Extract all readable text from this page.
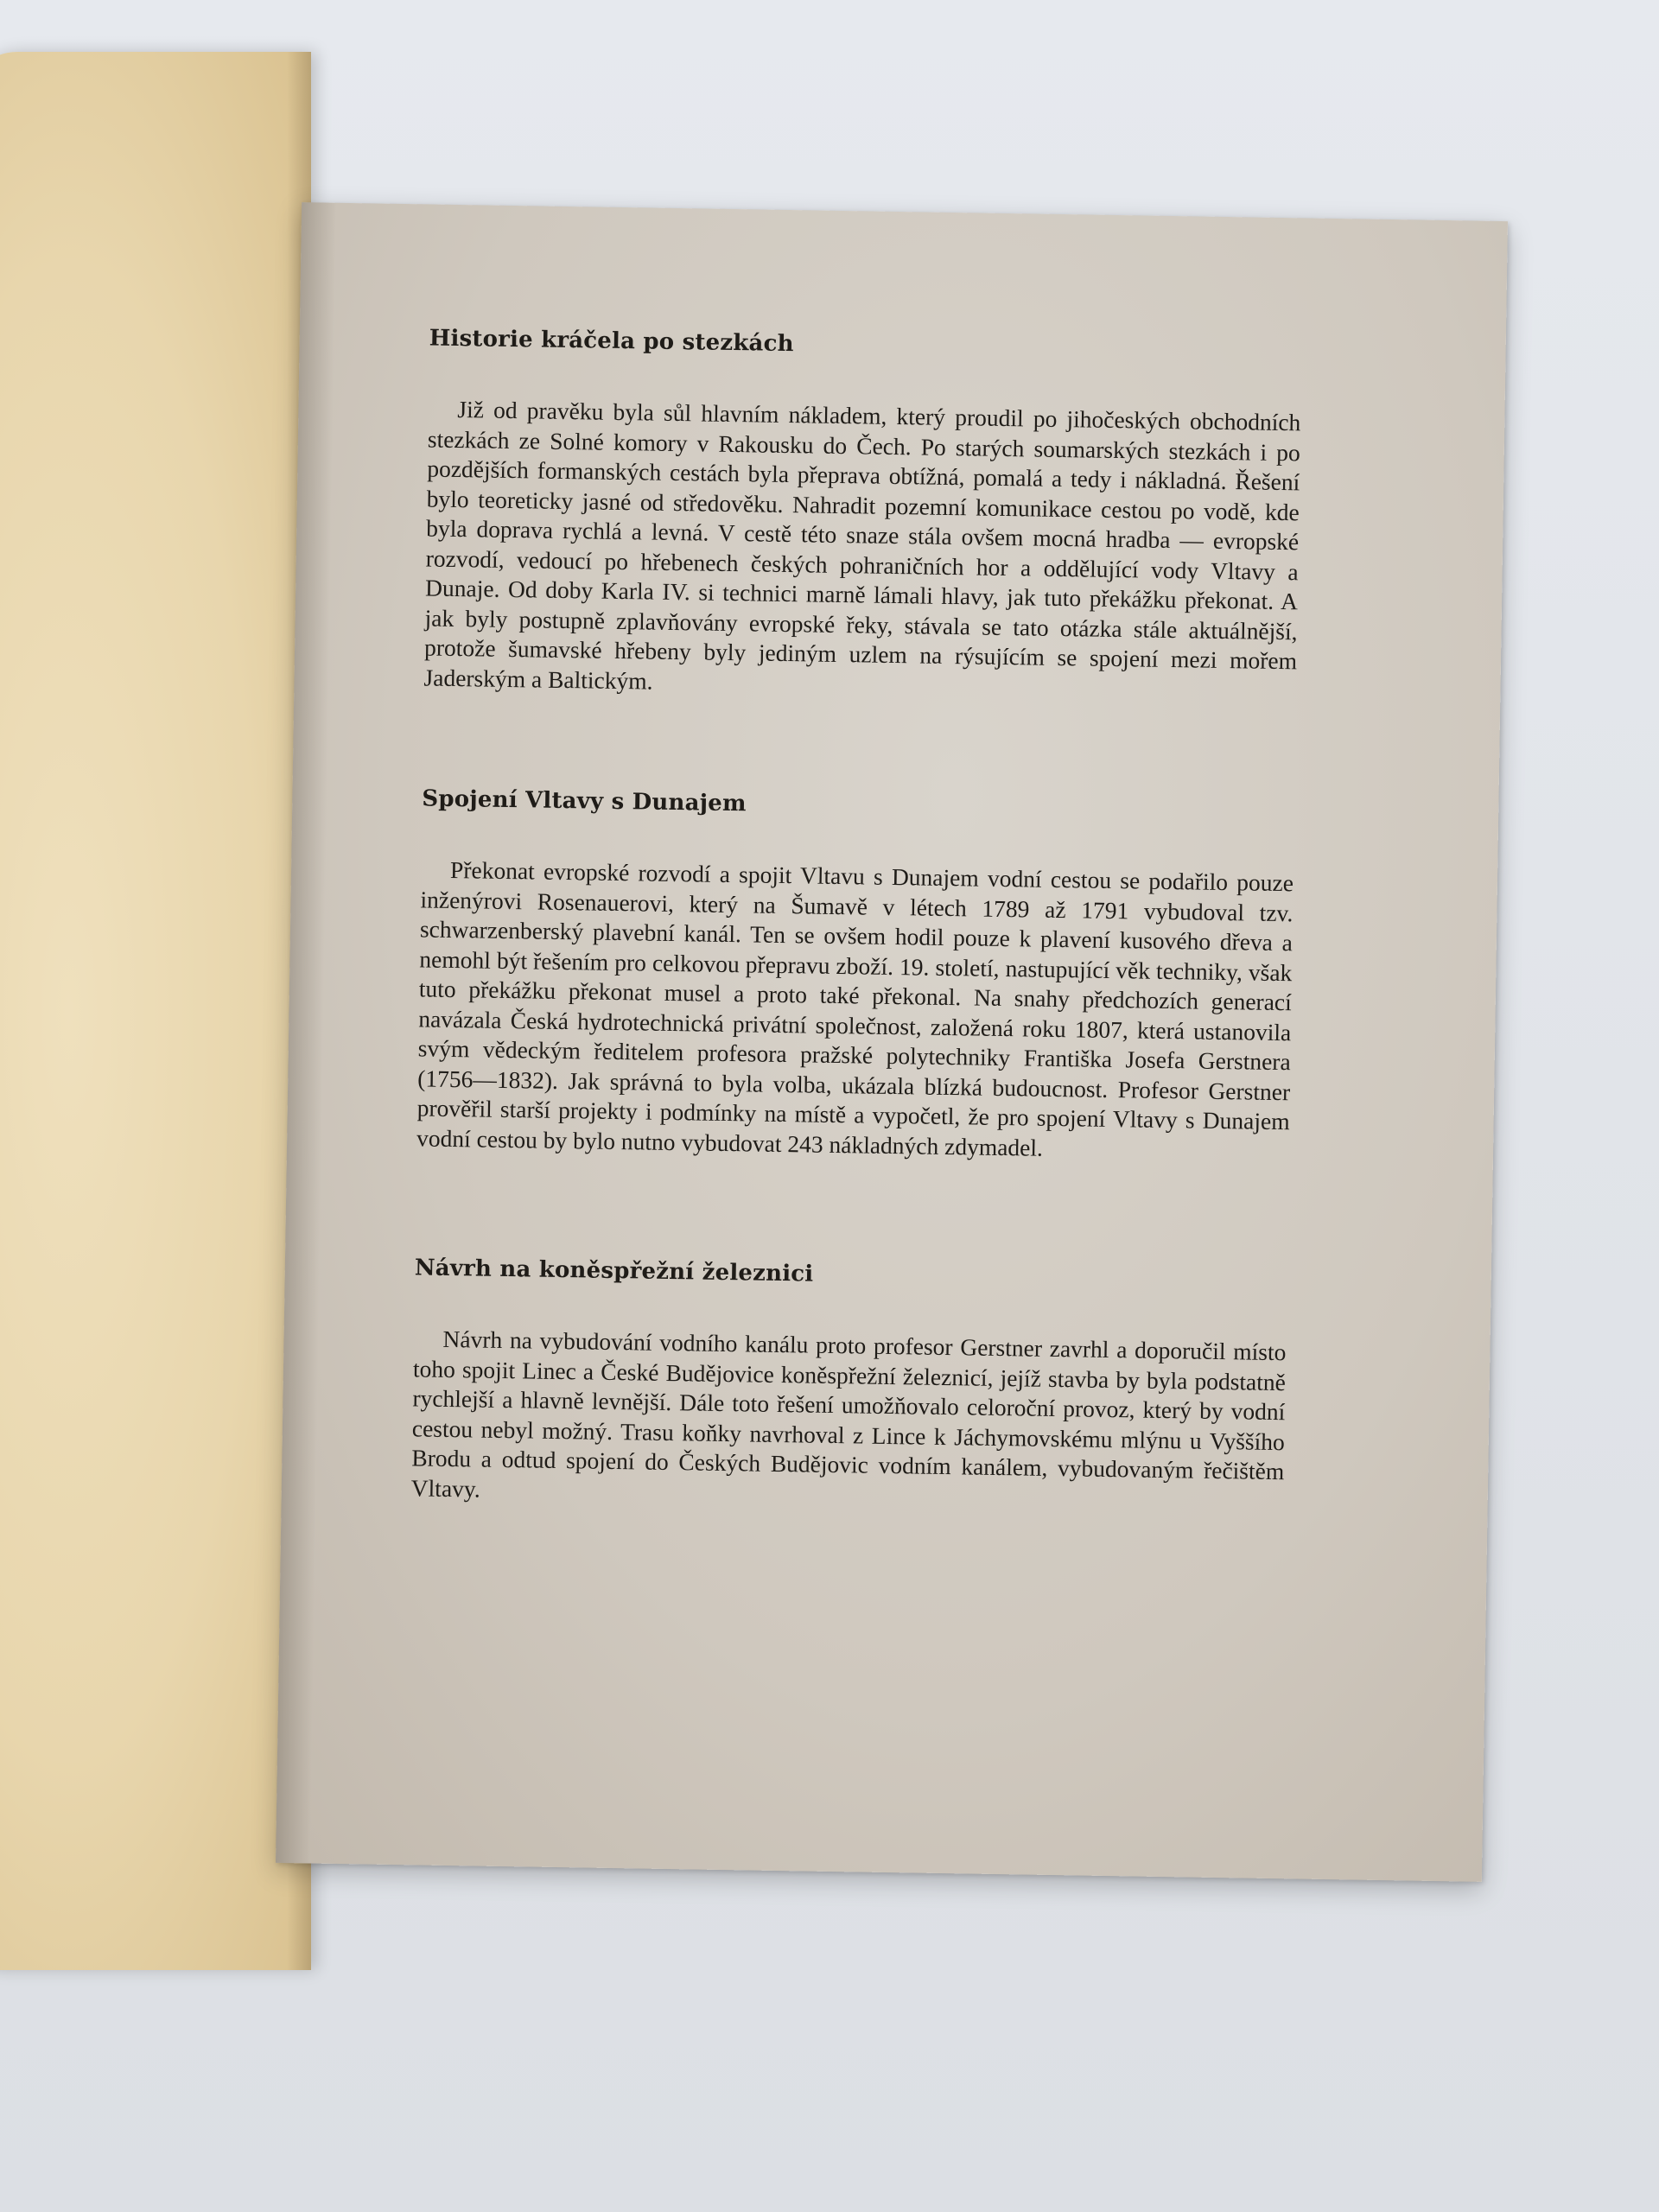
Historie kráčela po stezkách

Již od pravěku byla sůl hlavním nákladem, který proudil po jihočeských obchodních stezkách ze Solné komory v Rakousku do Čech. Po starých soumarských stezkách i po pozdějších formanských cestách byla přeprava obtížná, pomalá a tedy i nákladná. Řešení bylo teoreticky jasné od středověku. Nahradit pozemní komunikace cestou po vodě, kde byla doprava rychlá a levná. V cestě této snaze stála ovšem mocná hradba — evropské rozvodí, vedoucí po hřebenech českých pohraničních hor a oddělující vody Vltavy a Dunaje. Od doby Karla IV. si technici marně lámali hlavy, jak tuto překážku překonat. A jak byly postupně zplavňovány evropské řeky, stávala se tato otázka stále aktuálnější, protože šumavské hřebeny byly jediným uzlem na rýsujícím se spojení mezi mořem Jaderským a Baltickým.

Spojení Vltavy s Dunajem

Překonat evropské rozvodí a spojit Vltavu s Dunajem vodní cestou se podařilo pouze inženýrovi Rosenauerovi, který na Šumavě v létech 1789 až 1791 vybudoval tzv. schwarzenberský plavební kanál. Ten se ovšem hodil pouze k plavení kusového dřeva a nemohl být řešením pro celkovou přepravu zboží. 19. století, nastupující věk techniky, však tuto překážku překonat musel a proto také překonal. Na snahy předchozích generací navázala Česká hydrotechnická privátní společnost, založená roku 1807, která ustanovila svým vědeckým ředitelem profesora pražské polytechniky Františka Josefa Gerstnera (1756—1832). Jak správná to byla volba, ukázala blízká budoucnost. Profesor Gerstner prověřil starší projekty i podmínky na místě a vypočetl, že pro spojení Vltavy s Dunajem vodní cestou by bylo nutno vybudovat 243 nákladných zdymadel.

Návrh na koněspřežní železnici

Návrh na vybudování vodního kanálu proto profesor Gerstner zavrhl a doporučil místo toho spojit Linec a České Budějovice koněspřežní železnicí, jejíž stavba by byla podstatně rychlejší a hlavně levnější. Dále toto řešení umožňovalo celoroční provoz, který by vodní cestou nebyl možný. Trasu koňky navrhoval z Lince k Jáchymovskému mlýnu u Vyššího Brodu a odtud spojení do Českých Budějovic vodním kanálem, vybudovaným řečištěm Vltavy.
